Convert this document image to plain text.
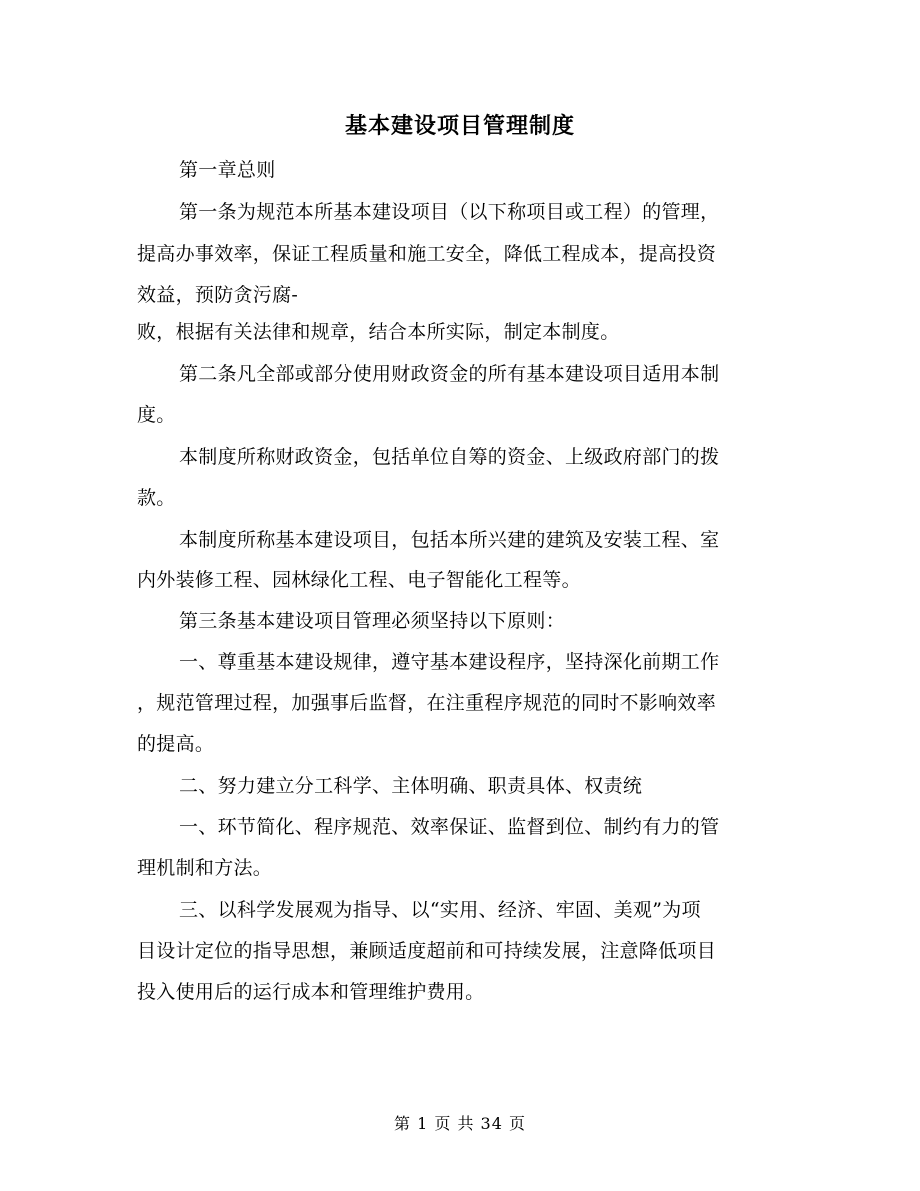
基本建设项目管理制度
第一章总则
第一条为规范本所基本建设项目（以下称项目或工程）的管理，
提高办事效率，保证工程质量和施工安全，降低工程成本，提高投资
效益，预防贪污腐-
败，根据有关法律和规章，结合本所实际，制定本制度。
第二条凡全部或部分使用财政资金的所有基本建设项目适用本制
度。
本制度所称财政资金，包括单位自筹的资金、上级政府部门的拨
款。
本制度所称基本建设项目，包括本所兴建的建筑及安装工程、室
内外装修工程、园林绿化工程、电子智能化工程等。
第三条基本建设项目管理必须坚持以下原则：
一、尊重基本建设规律，遵守基本建设程序，坚持深化前期工作
，规范管理过程，加强事后监督，在注重程序规范的同时不影响效率
的提高。
二、努力建立分工科学、主体明确、职责具体、权责统
一、环节简化、程序规范、效率保证、监督到位、制约有力的管
理机制和方法。
三、以科学发展观为指导、以“实用、经济、牢固、美观”为项
目设计定位的指导思想，兼顾适度超前和可持续发展，注意降低项目
投入使用后的运行成本和管理维护费用。
第 1 页 共 34 页
